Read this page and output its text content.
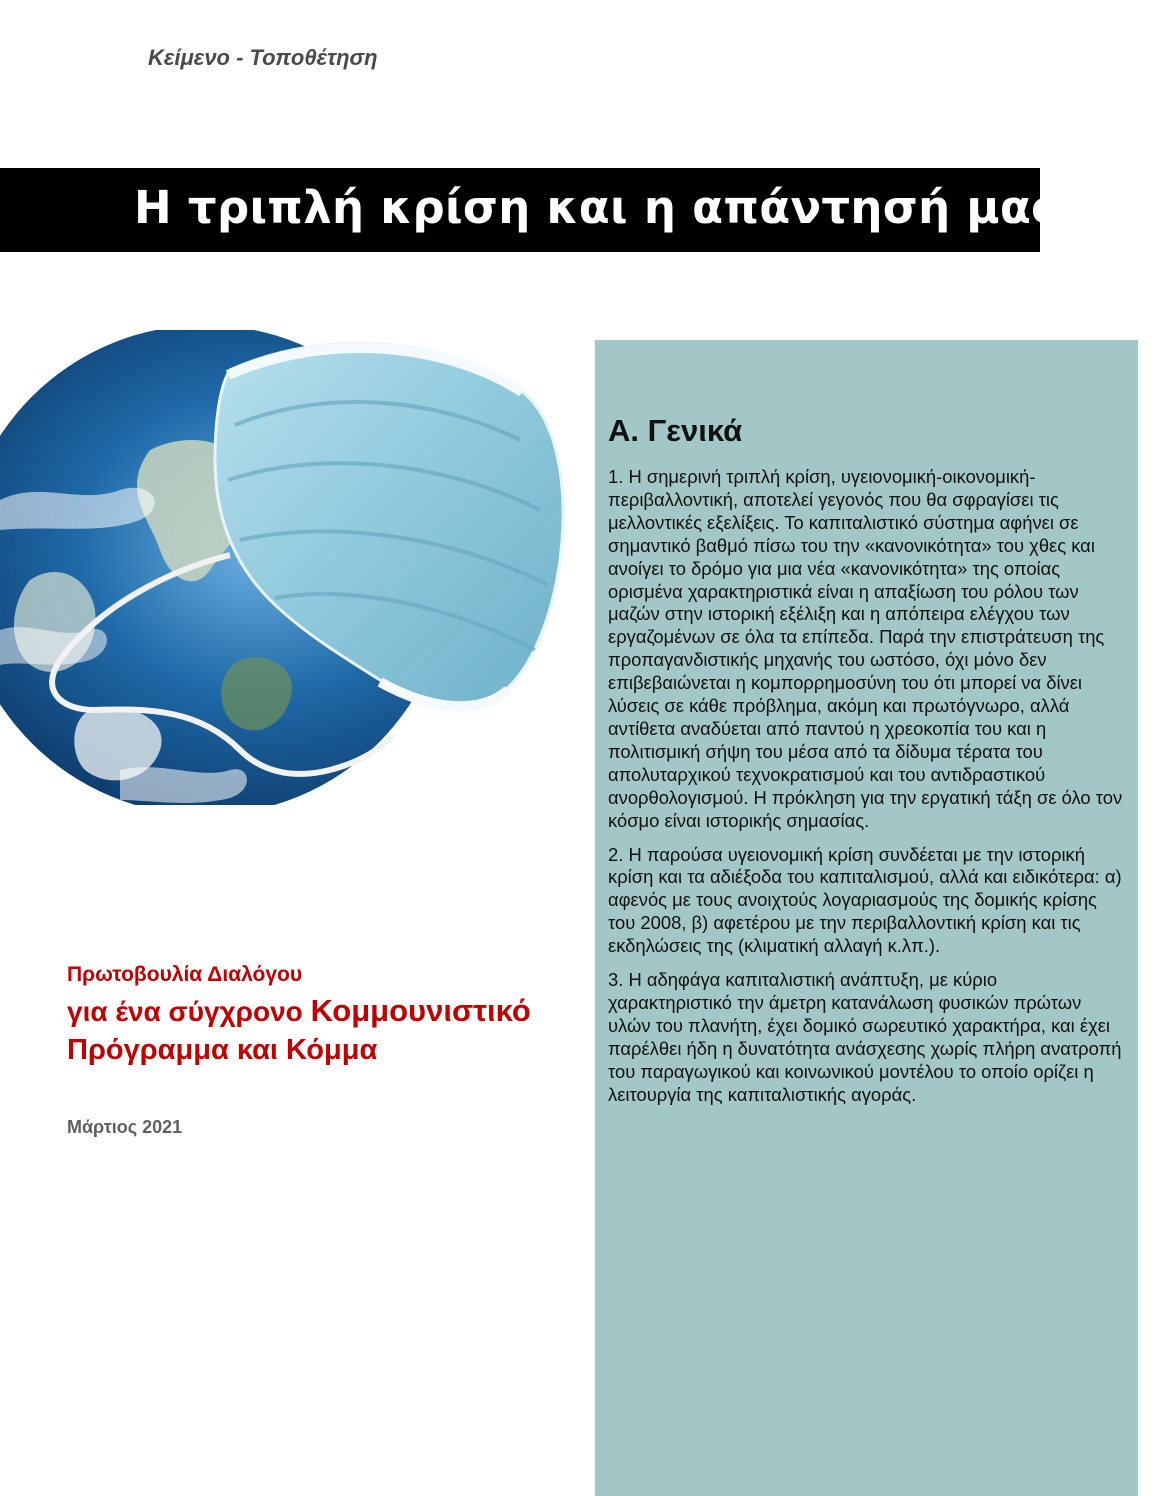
Κείμενο - Τοποθέτηση
Η τριπλή κρίση και η απάντησή μας
Πρωτοβουλία Διαλόγου
για ένα σύγχρονο Κομμουνιστικό
Πρόγραμμα και Κόμμα
Μάρτιος 2021
Α. Γενικά

1. Η σημερινή τριπλή κρίση, υγειονομική-οικονομική-περιβαλλοντική, αποτελεί γεγονός που θα σφραγίσει τις μελλοντικές εξελίξεις. Το καπιταλιστικό σύστημα αφήνει σε σημαντικό βαθμό πίσω του την «κανονικότητα» του χθες και ανοίγει το δρόμο για μια νέα «κανονικότητα» της οποίας ορισμένα χαρακτηριστικά είναι η απαξίωση του ρόλου των μαζών στην ιστορική εξέλιξη και η απόπειρα ελέγχου των εργαζομένων σε όλα τα επίπεδα. Παρά την επιστράτευση της προπαγανδιστικής μηχανής του ωστόσο, όχι μόνο δεν επιβεβαιώνεται η κομπορρημοσύνη του ότι μπορεί να δίνει λύσεις σε κάθε πρόβλημα, ακόμη και πρωτόγνωρο, αλλά αντίθετα αναδύεται από παντού η χρεοκοπία του και η πολιτισμική σήψη του μέσα από τα δίδυμα τέρατα του απολυταρχικού τεχνοκρατισμού και του αντιδραστικού ανορθολογισμού. Η πρόκληση για την εργατική τάξη σε όλο τον κόσμο είναι ιστορικής σημασίας.

2. Η παρούσα υγειονομική κρίση συνδέεται με την ιστορική κρίση και τα αδιέξοδα του καπιταλισμού, αλλά και ειδικότερα: α) αφενός με τους ανοιχτούς λογαριασμούς της δομικής κρίσης του 2008, β) αφετέρου με την περιβαλλοντική κρίση και τις εκδηλώσεις της (κλιματική αλλαγή κ.λπ.).

3. Η αδηφάγα καπιταλιστική ανάπτυξη, με κύριο χαρακτηριστικό την άμετρη κατανάλωση φυσικών πρώτων υλών του πλανήτη, έχει δομικό σωρευτικό χαρακτήρα, και έχει παρέλθει ήδη η δυνατότητα ανάσχεσης χωρίς πλήρη ανατροπή του παραγωγικού και κοινωνικού μοντέλου το οποίο ορίζει η λειτουργία της καπιταλιστικής αγοράς.
